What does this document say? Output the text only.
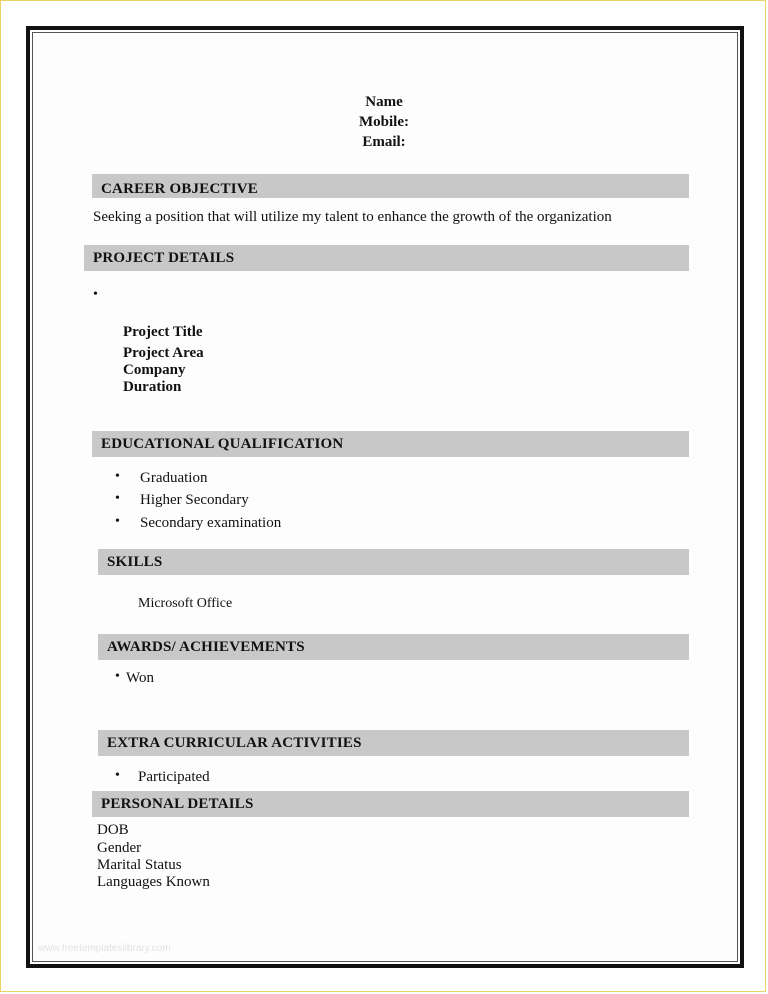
Name
Mobile:
Email:
CAREER OBJECTIVE
Seeking a position that will utilize my talent to enhance the growth of the organization
PROJECT DETAILS
•
Project Title
Project Area
Company
Duration
EDUCATIONAL QUALIFICATION
• Graduation
• Higher Secondary
• Secondary examination
SKILLS
Microsoft Office
AWARDS/ ACHIEVEMENTS
• Won
EXTRA CURRICULAR ACTIVITIES
• Participated
PERSONAL DETAILS
DOB
Gender
Marital Status
Languages Known
www.freetemplateslibrary.com
